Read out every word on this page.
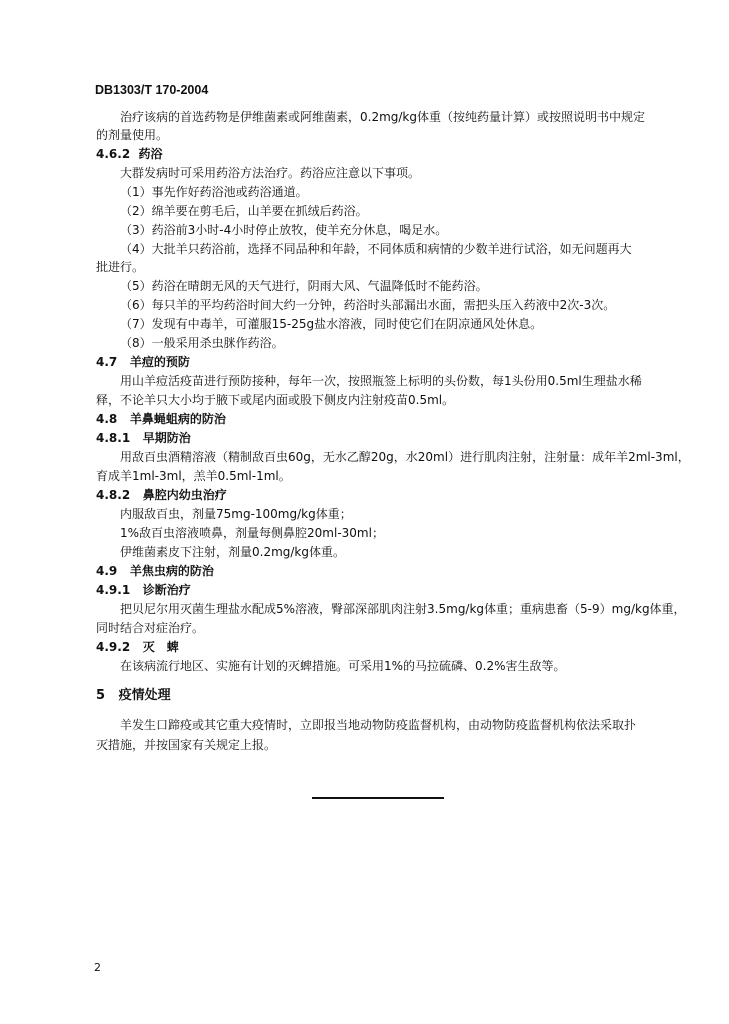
DB1303/T 170-2004
治疗该病的首选药物是伊维菌素或阿维菌素，0.2mg/kg体重（按纯药量计算）或按照说明书中规定
的剂量使用。
4.6.2 药浴
大群发病时可采用药浴方法治疗。药浴应注意以下事项。
（1）事先作好药浴池或药浴通道。
（2）绵羊要在剪毛后，山羊要在抓绒后药浴。
（3）药浴前3小时-4小时停止放牧，使羊充分休息，喝足水。
（4）大批羊只药浴前，选择不同品种和年龄，不同体质和病情的少数羊进行试浴，如无问题再大
批进行。
（5）药浴在晴朗无风的天气进行，阴雨大风、气温降低时不能药浴。
（6）每只羊的平均药浴时间大约一分钟，药浴时头部漏出水面，需把头压入药液中2次-3次。
（7）发现有中毒羊，可灌服15-25g盐水溶液，同时使它们在阴凉通风处休息。
（8）一般采用杀虫脒作药浴。
4.7 羊痘的预防
用山羊痘活疫苗进行预防接种，每年一次，按照瓶签上标明的头份数，每1头份用0.5ml生理盐水稀
释，不论羊只大小均于腋下或尾内面或股下侧皮内注射疫苗0.5ml。
4.8 羊鼻蝇蛆病的防治
4.8.1 早期防治
用敌百虫酒精溶液（精制敌百虫60g，无水乙醇20g，水20ml）进行肌肉注射，注射量：成年羊2ml-3ml，
育成羊1ml-3ml，羔羊0.5ml-1ml。
4.8.2 鼻腔内幼虫治疗
内服敌百虫，剂量75mg-100mg/kg体重；
1%敌百虫溶液喷鼻，剂量每侧鼻腔20ml-30ml；
伊维菌素皮下注射，剂量0.2mg/kg体重。
4.9 羊焦虫病的防治
4.9.1 诊断治疗
把贝尼尔用灭菌生理盐水配成5%溶液，臀部深部肌肉注射3.5mg/kg体重；重病患畜（5-9）mg/kg体重，
同时结合对症治疗。
4.9.2 灭　蜱
在该病流行地区、实施有计划的灭蜱措施。可采用1%的马拉硫磷、0.2%害生敌等。
5 疫情处理
羊发生口蹄疫或其它重大疫情时，立即报当地动物防疫监督机构，由动物防疫监督机构依法采取扑
灭措施，并按国家有关规定上报。
2
